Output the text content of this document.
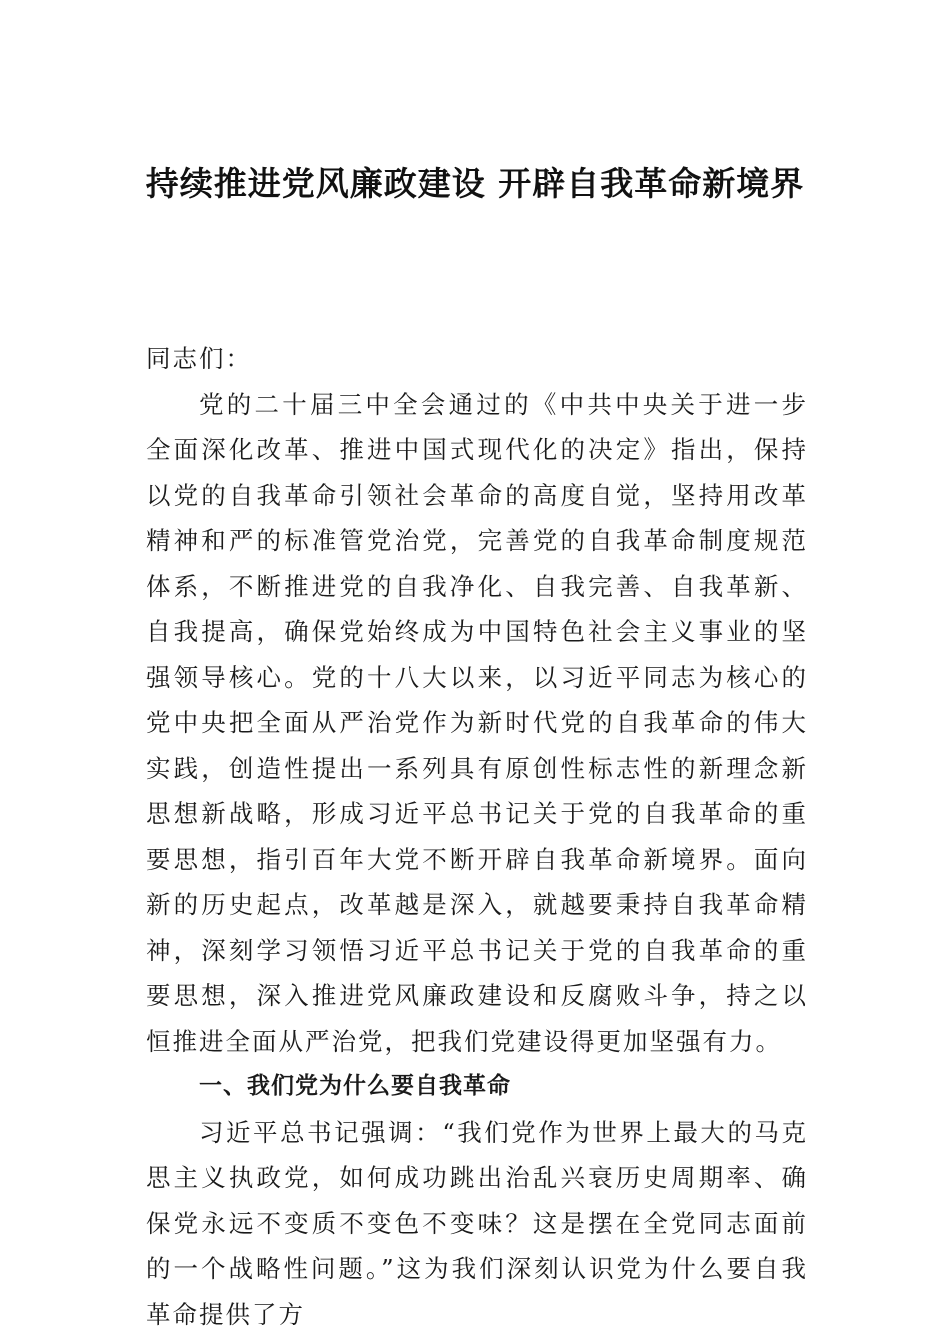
持续推进党风廉政建设 开辟自我革命新境界

同志们：

党的二十届三中全会通过的《中共中央关于进一步全面深化改革、推进中国式现代化的决定》指出，保持以党的自我革命引领社会革命的高度自觉，坚持用改革精神和严的标准管党治党，完善党的自我革命制度规范体系，不断推进党的自我净化、自我完善、自我革新、自我提高，确保党始终成为中国特色社会主义事业的坚强领导核心。党的十八大以来，以习近平同志为核心的党中央把全面从严治党作为新时代党的自我革命的伟大实践，创造性提出一系列具有原创性标志性的新理念新思想新战略，形成习近平总书记关于党的自我革命的重要思想，指引百年大党不断开辟自我革命新境界。面向新的历史起点，改革越是深入，就越要秉持自我革命精神，深刻学习领悟习近平总书记关于党的自我革命的重要思想，深入推进党风廉政建设和反腐败斗争，持之以恒推进全面从严治党，把我们党建设得更加坚强有力。

一、我们党为什么要自我革命

习近平总书记强调：“我们党作为世界上最大的马克思主义执政党，如何成功跳出治乱兴衰历史周期率、确保党永远不变质不变色不变味？这是摆在全党同志面前的一个战略性问题。”这为我们深刻认识党为什么要自我革命提供了方
